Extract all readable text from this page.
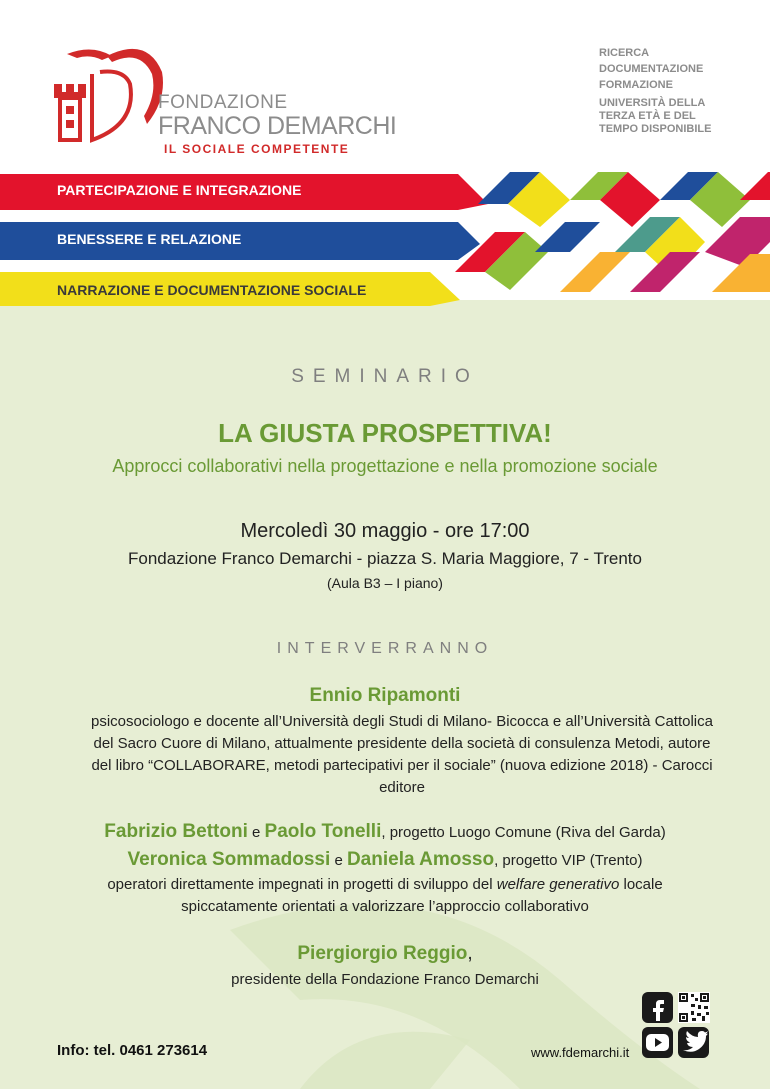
FONDAZIONE
FRANCO DEMARCHI
IL SOCIALE COMPETENTE
RICERCA
DOCUMENTAZIONE
FORMAZIONE
UNIVERSITÀ DELLA
TERZA ETÀ E DEL
TEMPO DISPONIBILE
PARTECIPAZIONE E INTEGRAZIONE
BENESSERE E RELAZIONE
NARRAZIONE E DOCUMENTAZIONE SOCIALE
SEMINARIO
LA GIUSTA PROSPETTIVA!
Approcci collaborativi nella progettazione e nella promozione sociale
Mercoledì 30 maggio - ore 17:00
Fondazione Franco Demarchi - piazza S. Maria Maggiore, 7 - Trento
(Aula B3 – I piano)
INTERVERRANNO
Ennio Ripamonti
psicosociologo e docente all’Università degli Studi di Milano- Bicocca e all’Università Cattolica del Sacro Cuore di Milano, attualmente presidente della società di consulenza Metodi, autore del libro “COLLABORARE, metodi partecipativi per il sociale” (nuova edizione 2018) - Carocci editore
Fabrizio Bettoni e Paolo Tonelli, progetto Luogo Comune (Riva del Garda)
Veronica Sommadossi e Daniela Amosso, progetto VIP (Trento)
operatori direttamente impegnati in progetti di sviluppo del welfare generativo locale
spiccatamente orientati a valorizzare l’approccio collaborativo
Piergiorgio Reggio,
presidente della Fondazione Franco Demarchi
Info: tel. 0461 273614	www.fdemarchi.it
